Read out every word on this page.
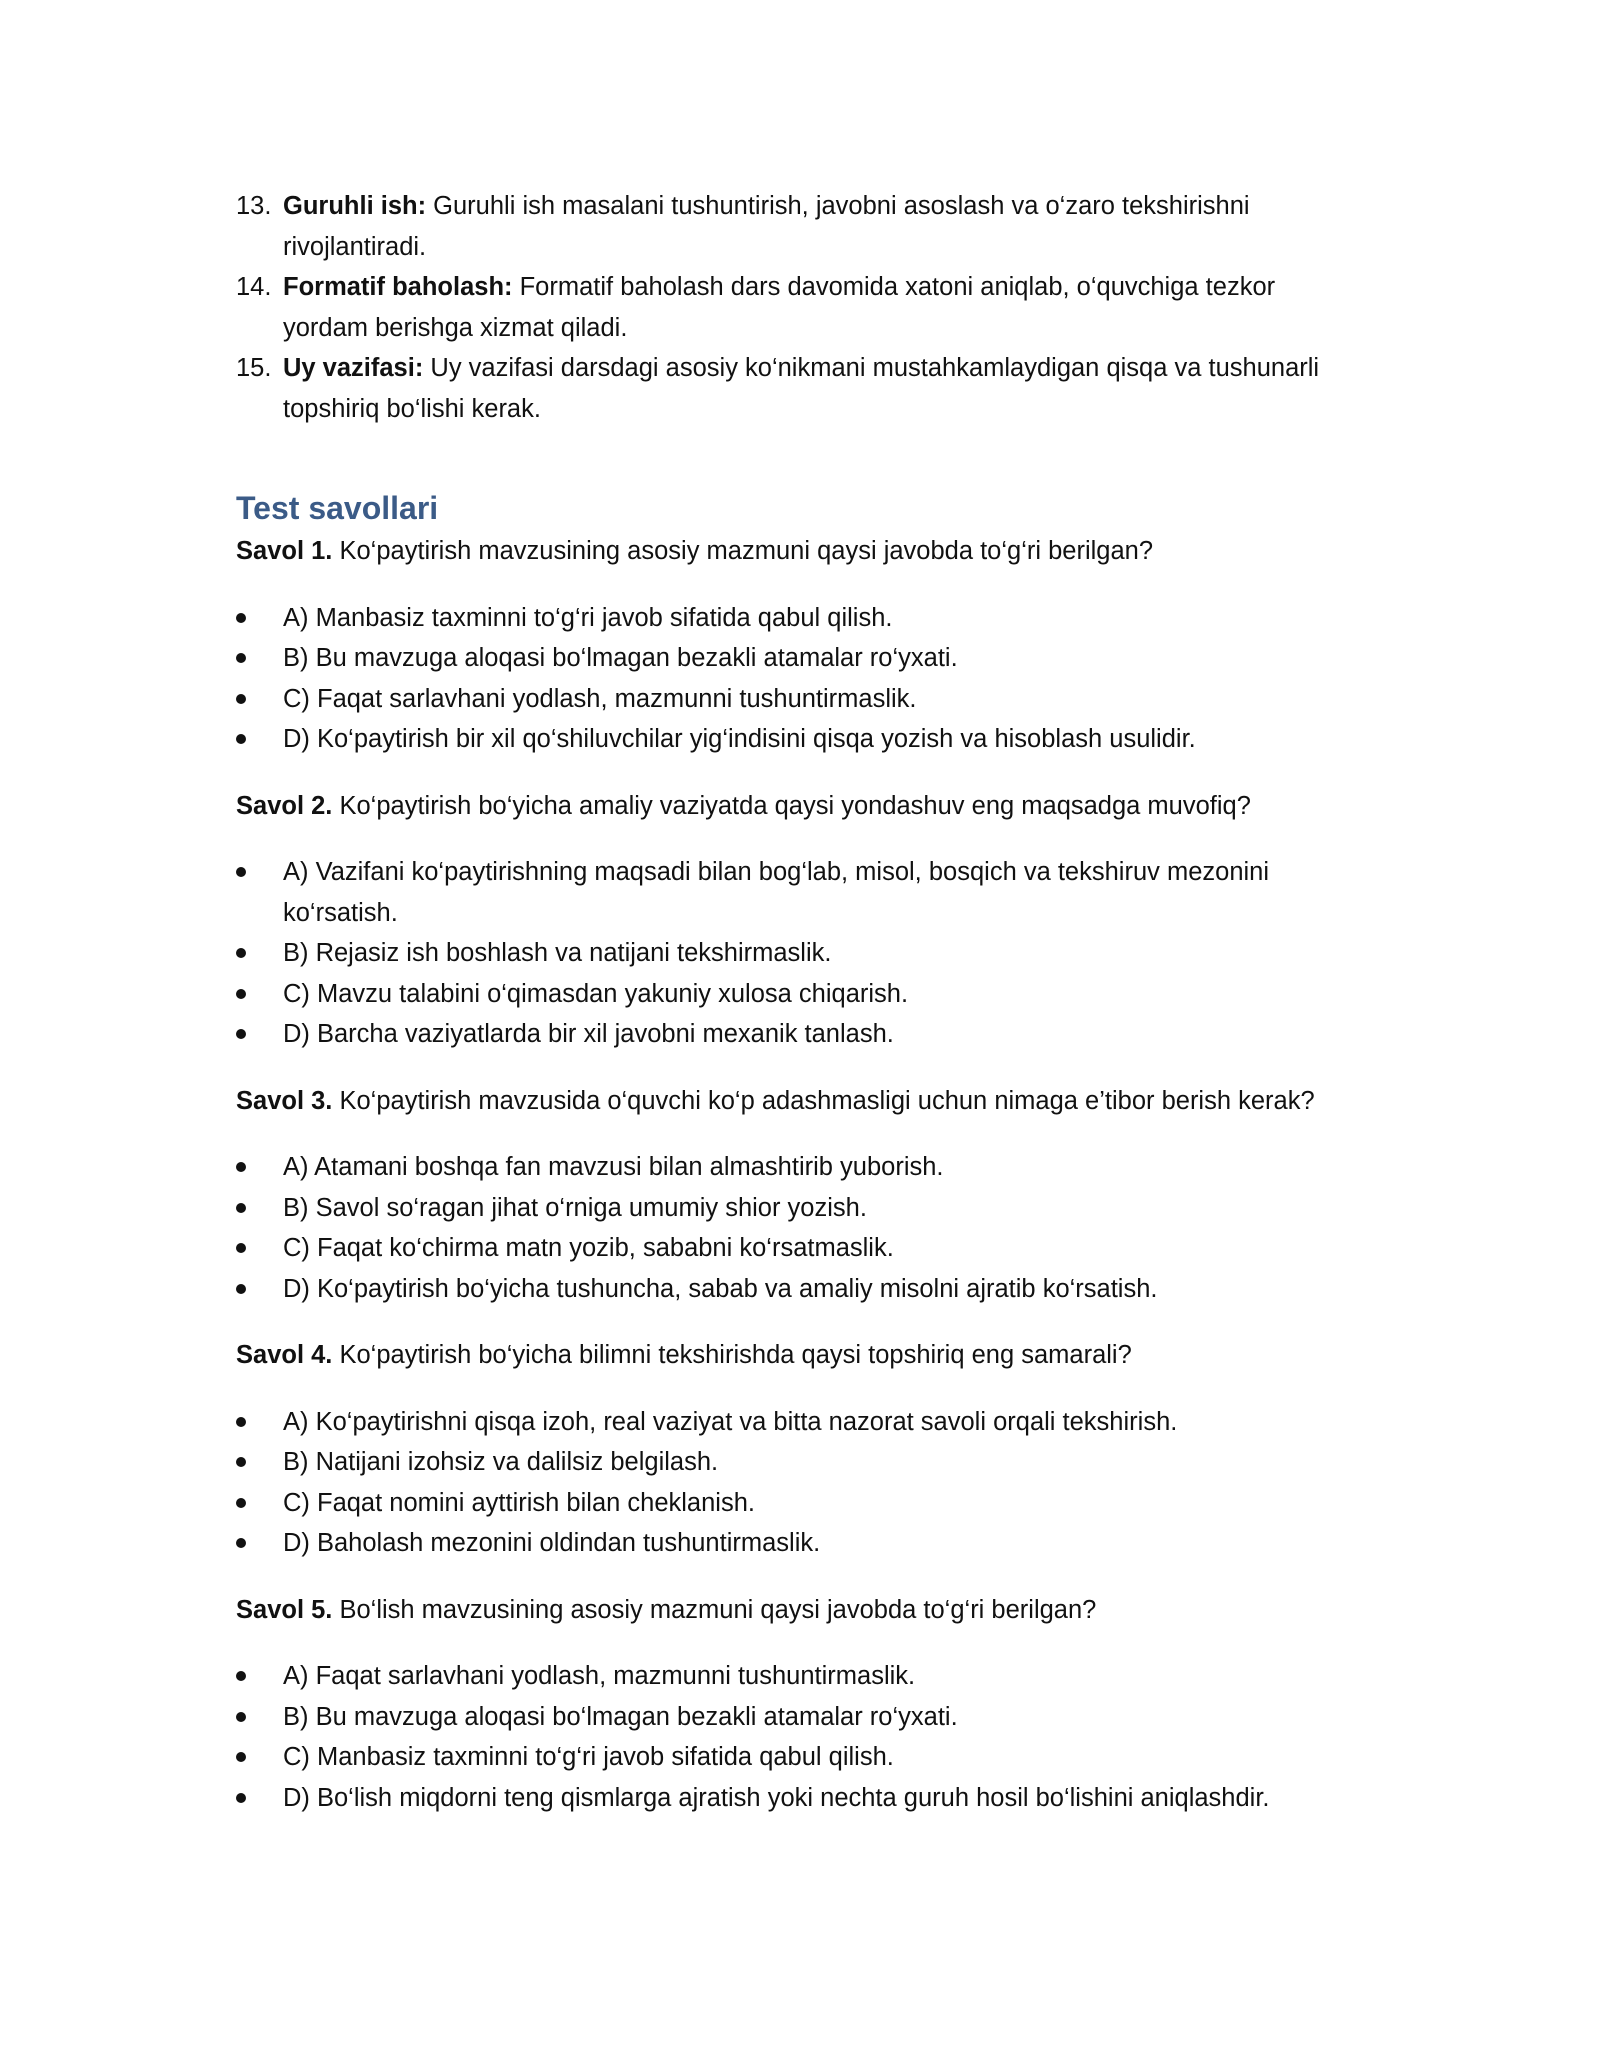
13. Guruhli ish: Guruhli ish masalani tushuntirish, javobni asoslash va o‘zaro tekshirishni rivojlantiradi.
14. Formatif baholash: Formatif baholash dars davomida xatoni aniqlab, o‘quvchiga tezkor yordam berishga xizmat qiladi.
15. Uy vazifasi: Uy vazifasi darsdagi asosiy ko‘nikmani mustahkamlaydigan qisqa va tushunarli topshiriq bo‘lishi kerak.
Test savollari

Savol 1. Ko‘paytirish mavzusining asosiy mazmuni qaysi javobda to‘g‘ri berilgan?

A) Manbasiz taxminni to‘g‘ri javob sifatida qabul qilish.
B) Bu mavzuga aloqasi bo‘lmagan bezakli atamalar ro‘yxati.
C) Faqat sarlavhani yodlash, mazmunni tushuntirmaslik.
D) Ko‘paytirish bir xil qo‘shiluvchilar yig‘indisini qisqa yozish va hisoblash usulidir.

Savol 2. Ko‘paytirish bo‘yicha amaliy vaziyatda qaysi yondashuv eng maqsadga muvofiq?

A) Vazifani ko‘paytirishning maqsadi bilan bog‘lab, misol, bosqich va tekshiruv mezonini ko‘rsatish.
B) Rejasiz ish boshlash va natijani tekshirmaslik.
C) Mavzu talabini o‘qimasdan yakuniy xulosa chiqarish.
D) Barcha vaziyatlarda bir xil javobni mexanik tanlash.

Savol 3. Ko‘paytirish mavzusida o‘quvchi ko‘p adashmasligi uchun nimaga e’tibor berish kerak?

A) Atamani boshqa fan mavzusi bilan almashtirib yuborish.
B) Savol so‘ragan jihat o‘rniga umumiy shior yozish.
C) Faqat ko‘chirma matn yozib, sababni ko‘rsatmaslik.
D) Ko‘paytirish bo‘yicha tushuncha, sabab va amaliy misolni ajratib ko‘rsatish.

Savol 4. Ko‘paytirish bo‘yicha bilimni tekshirishda qaysi topshiriq eng samarali?

A) Ko‘paytirishni qisqa izoh, real vaziyat va bitta nazorat savoli orqali tekshirish.
B) Natijani izohsiz va dalilsiz belgilash.
C) Faqat nomini ayttirish bilan cheklanish.
D) Baholash mezonini oldindan tushuntirmaslik.

Savol 5. Bo‘lish mavzusining asosiy mazmuni qaysi javobda to‘g‘ri berilgan?

A) Faqat sarlavhani yodlash, mazmunni tushuntirmaslik.
B) Bu mavzuga aloqasi bo‘lmagan bezakli atamalar ro‘yxati.
C) Manbasiz taxminni to‘g‘ri javob sifatida qabul qilish.
D) Bo‘lish miqdorni teng qismlarga ajratish yoki nechta guruh hosil bo‘lishini aniqlashdir.
